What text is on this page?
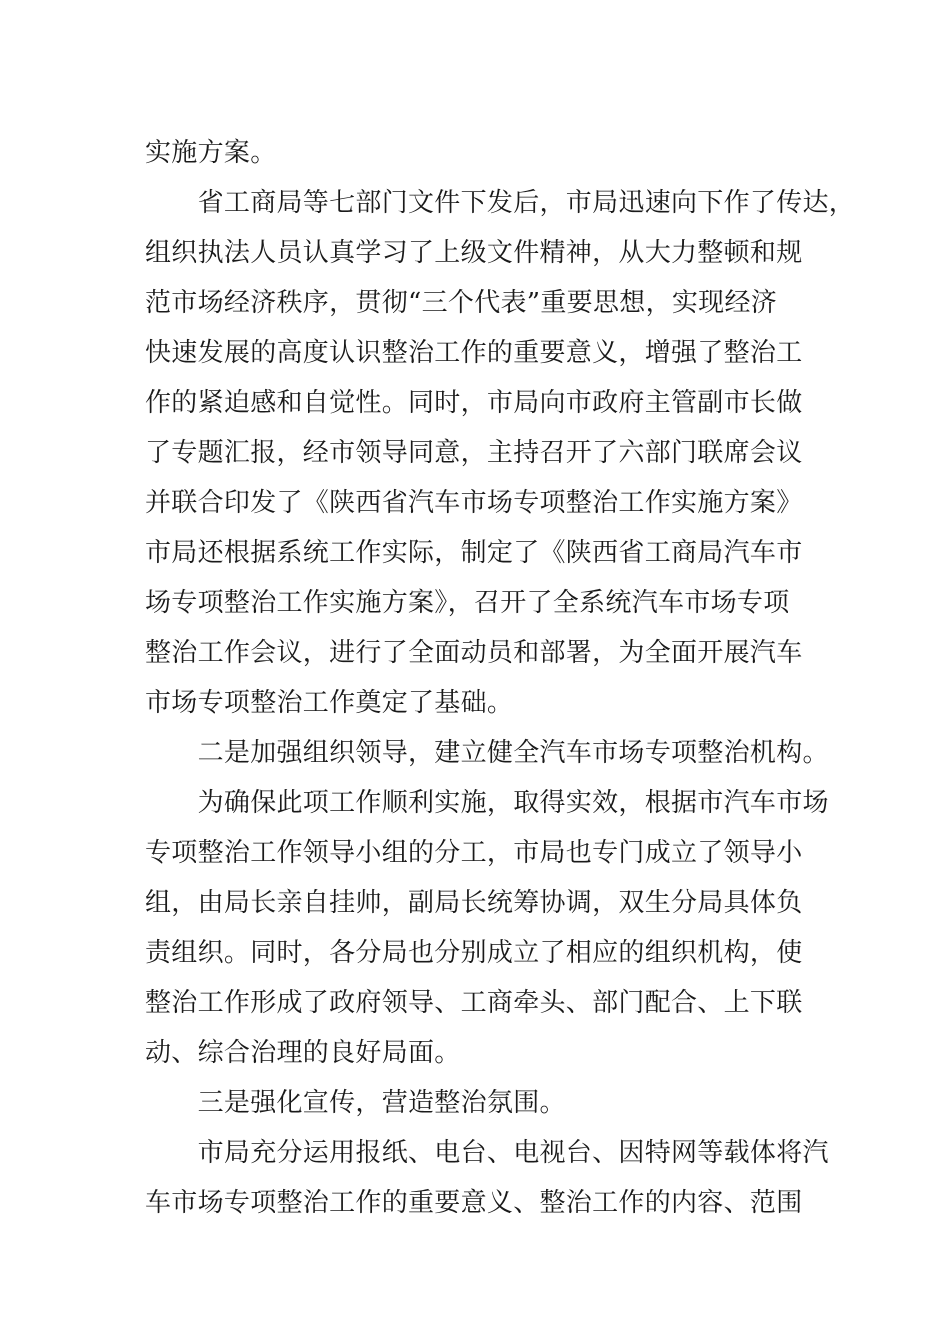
实施方案。
　　省工商局等七部门文件下发后，市局迅速向下作了传达，
组织执法人员认真学习了上级文件精神，从大力整顿和规
范市场经济秩序，贯彻“三个代表”重要思想，实现经济
快速发展的高度认识整治工作的重要意义，增强了整治工
作的紧迫感和自觉性。同时，市局向市政府主管副市长做
了专题汇报，经市领导同意，主持召开了六部门联席会议
并联合印发了《陕西省汽车市场专项整治工作实施方案》
市局还根据系统工作实际，制定了《陕西省工商局汽车市
场专项整治工作实施方案》，召开了全系统汽车市场专项
整治工作会议，进行了全面动员和部署，为全面开展汽车
市场专项整治工作奠定了基础。
　　二是加强组织领导，建立健全汽车市场专项整治机构。
　　为确保此项工作顺利实施，取得实效，根据市汽车市场
专项整治工作领导小组的分工，市局也专门成立了领导小
组，由局长亲自挂帅，副局长统筹协调，双生分局具体负
责组织。同时，各分局也分别成立了相应的组织机构，使
整治工作形成了政府领导、工商牵头、部门配合、上下联
动、综合治理的良好局面。
　　三是强化宣传，营造整治氛围。
　　市局充分运用报纸、电台、电视台、因特网等载体将汽
车市场专项整治工作的重要意义、整治工作的内容、范围
